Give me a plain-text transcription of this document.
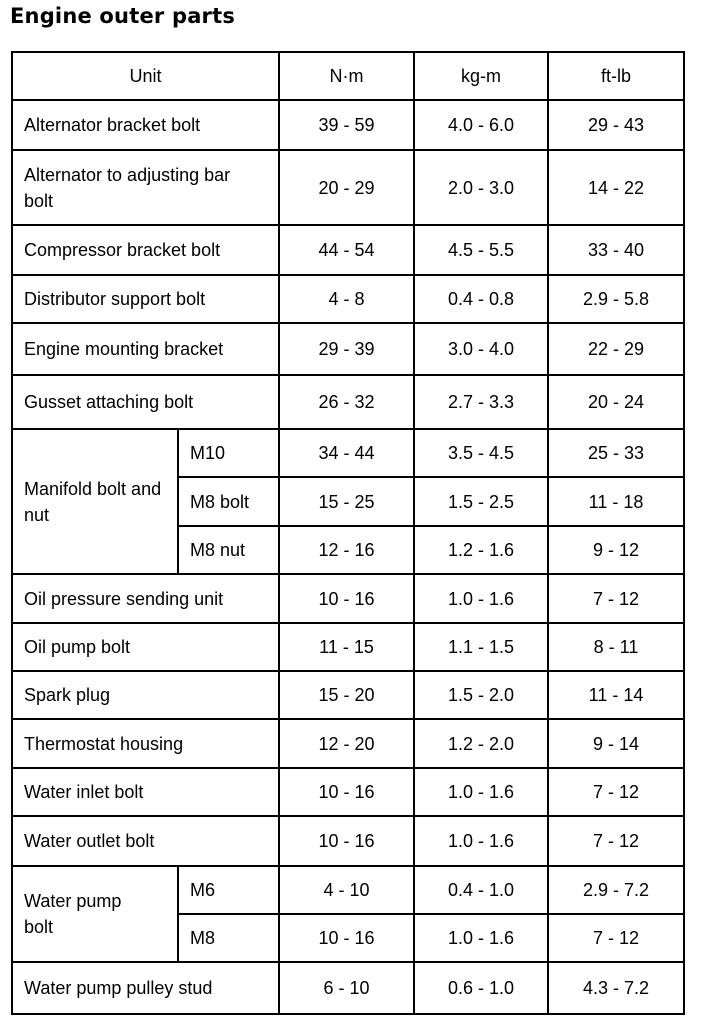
Engine outer parts
Unit		N·m	kg-m	ft-lb
Alternator bracket bolt		39 - 59	4.0 - 6.0	29 - 43

Alternator to adjusting bar bolt		20 - 29	2.0 - 3.0	14 - 22
Compressor bracket bolt		44 - 54	4.5 - 5.5	33 - 40
Distributor support bolt		4 - 8	0.4 - 0.8	2.9 - 5.8
Engine mounting bracket		29 - 39	3.0 - 4.0	22 - 29
Gusset attaching bolt		26 - 32	2.7 - 3.3	20 - 24

Manifold bolt and nut	M10	34 - 44	3.5 - 4.5	25 - 33
	M8 bolt	15 - 25	1.5 - 2.5	11 - 18
	M8 nut	12 - 16	1.2 - 1.6	9 - 12
Oil pressure sending unit		10 - 16	1.0 - 1.6	7 - 12
Oil pump bolt		11 - 15	1.1 - 1.5	8 - 11
Spark plug		15 - 20	1.5 - 2.0	11 - 14
Thermostat housing		12 - 20	1.2 - 2.0	9 - 14
Water inlet bolt		10 - 16	1.0 - 1.6	7 - 12
Water outlet bolt		10 - 16	1.0 - 1.6	7 - 12

Water pump bolt	M6	4 - 10	0.4 - 1.0	2.9 - 7.2
	M8	10 - 16	1.0 - 1.6	7 - 12
Water pump pulley stud		6 - 10	0.6 - 1.0	4.3 - 7.2
